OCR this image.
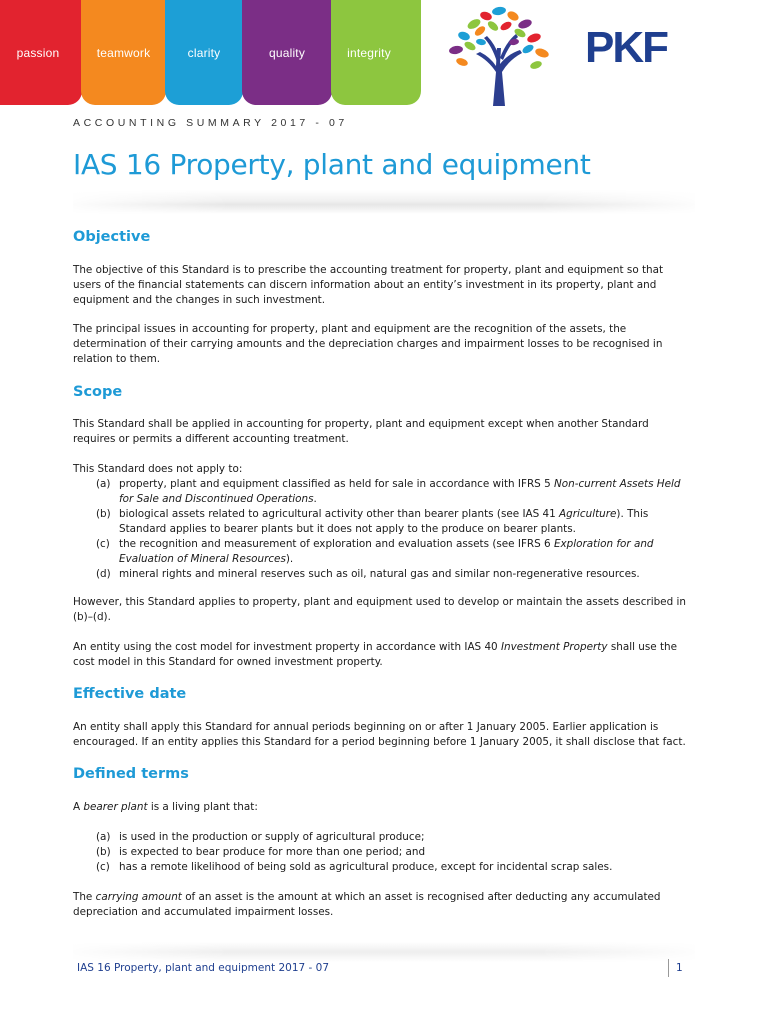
passion	teamwork	clarity	quality	integrity	PKF
ACCOUNTING SUMMARY 2017 - 07
IAS 16 Property, plant and equipment
Objective
The objective of this Standard is to prescribe the accounting treatment for property, plant and equipment so that
users of the financial statements can discern information about an entity’s investment in its property, plant and
equipment and the changes in such investment.
The principal issues in accounting for property, plant and equipment are the recognition of the assets, the
determination of their carrying amounts and the depreciation charges and impairment losses to be recognised in
relation to them.
Scope
This Standard shall be applied in accounting for property, plant and equipment except when another Standard
requires or permits a different accounting treatment.
This Standard does not apply to:
(a) property, plant and equipment classified as held for sale in accordance with IFRS 5 Non-current Assets Held
for Sale and Discontinued Operations.
(b) biological assets related to agricultural activity other than bearer plants (see IAS 41 Agriculture). This
Standard applies to bearer plants but it does not apply to the produce on bearer plants.
(c) the recognition and measurement of exploration and evaluation assets (see IFRS 6 Exploration for and
Evaluation of Mineral Resources).
(d) mineral rights and mineral reserves such as oil, natural gas and similar non-regenerative resources.
However, this Standard applies to property, plant and equipment used to develop or maintain the assets described in
(b)–(d).
An entity using the cost model for investment property in accordance with IAS 40 Investment Property shall use the
cost model in this Standard for owned investment property.
Effective date
An entity shall apply this Standard for annual periods beginning on or after 1 January 2005. Earlier application is
encouraged. If an entity applies this Standard for a period beginning before 1 January 2005, it shall disclose that fact.
Defined terms
A bearer plant is a living plant that:
(a) is used in the production or supply of agricultural produce;
(b) is expected to bear produce for more than one period; and
(c) has a remote likelihood of being sold as agricultural produce, except for incidental scrap sales.
The carrying amount of an asset is the amount at which an asset is recognised after deducting any accumulated
depreciation and accumulated impairment losses.
IAS 16 Property, plant and equipment 2017 - 07	1
